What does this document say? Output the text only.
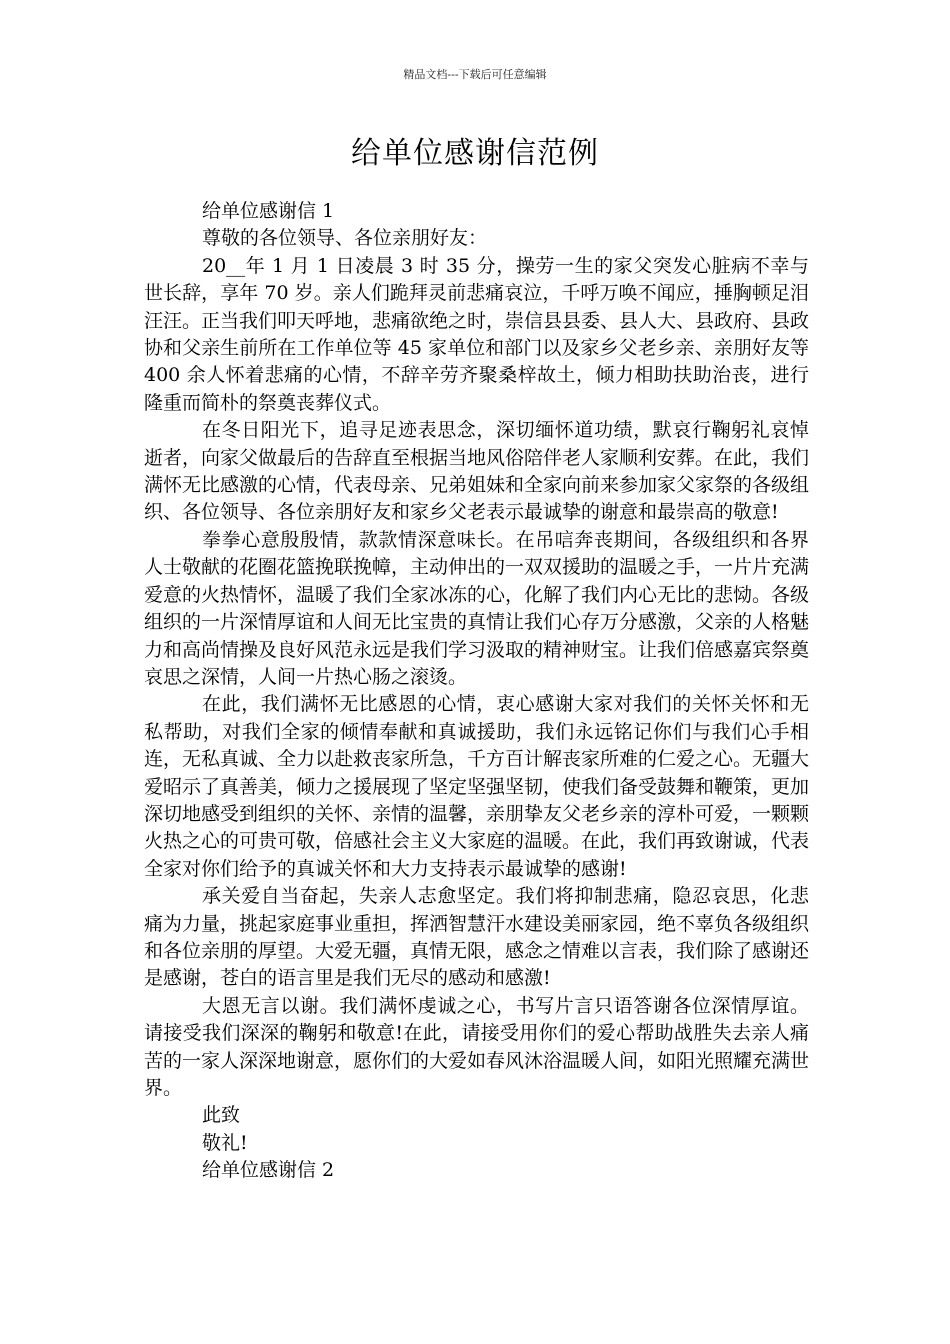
精品文档---下载后可任意编辑
给单位感谢信范例

给单位感谢信 1

尊敬的各位领导、各位亲朋好友：

20__年 1 月 1 日凌晨 3 时 35 分，操劳一生的家父突发心脏病不幸与世长辞，享年 70 岁。亲人们跪拜灵前悲痛哀泣，千呼万唤不闻应，捶胸顿足泪汪汪。正当我们叩天呼地，悲痛欲绝之时，崇信县县委、县人大、县政府、县政协和父亲生前所在工作单位等 45 家单位和部门以及家乡父老乡亲、亲朋好友等 400 余人怀着悲痛的心情，不辞辛劳齐聚桑梓故土，倾力相助扶助治丧，进行隆重而简朴的祭奠丧葬仪式。

在冬日阳光下，追寻足迹表思念，深切缅怀道功绩，默哀行鞠躬礼哀悼逝者，向家父做最后的告辞直至根据当地风俗陪伴老人家顺利安葬。在此，我们满怀无比感激的心情，代表母亲、兄弟姐妹和全家向前来参加家父家祭的各级组织、各位领导、各位亲朋好友和家乡父老表示最诚挚的谢意和最崇高的敬意!

拳拳心意殷殷情，款款情深意味长。在吊唁奔丧期间，各级组织和各界人士敬献的花圈花篮挽联挽幛，主动伸出的一双双援助的温暖之手，一片片充满爱意的火热情怀，温暖了我们全家冰冻的心，化解了我们内心无比的悲恸。各级组织的一片深情厚谊和人间无比宝贵的真情让我们心存万分感激，父亲的人格魅力和高尚情操及良好风范永远是我们学习汲取的精神财宝。让我们倍感嘉宾祭奠哀思之深情，人间一片热心肠之滚烫。

在此，我们满怀无比感恩的心情，衷心感谢大家对我们的关怀关怀和无私帮助，对我们全家的倾情奉献和真诚援助，我们永远铭记你们与我们心手相连，无私真诚、全力以赴救丧家所急，千方百计解丧家所难的仁爱之心。无疆大爱昭示了真善美，倾力之援展现了坚定坚强坚韧，使我们备受鼓舞和鞭策，更加深切地感受到组织的关怀、亲情的温馨，亲朋挚友父老乡亲的淳朴可爱，一颗颗火热之心的可贵可敬，倍感社会主义大家庭的温暖。在此，我们再致谢诚，代表全家对你们给予的真诚关怀和大力支持表示最诚挚的感谢!

承关爱自当奋起，失亲人志愈坚定。我们将抑制悲痛，隐忍哀思，化悲痛为力量，挑起家庭事业重担，挥洒智慧汗水建设美丽家园，绝不辜负各级组织和各位亲朋的厚望。大爱无疆，真情无限，感念之情难以言表，我们除了感谢还是感谢，苍白的语言里是我们无尽的感动和感激!

大恩无言以谢。我们满怀虔诚之心，书写片言只语答谢各位深情厚谊。请接受我们深深的鞠躬和敬意!在此，请接受用你们的爱心帮助战胜失去亲人痛苦的一家人深深地谢意，愿你们的大爱如春风沐浴温暖人间，如阳光照耀充满世界。

此致

敬礼!

给单位感谢信 2
